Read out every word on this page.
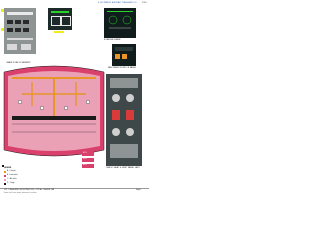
ILLUSTRATED AIRCRAFT DIAGRAMS (IL)	1/20
ECAM ENG PAGE
FAN SPEED MONITOR PANEL
CABIN ZONE SCHEMATIC
LEGEND
A - Cockpit
B - Fwd cabin
C - Aft cabin
D - Cargo
A1 B
A2 B
A3 B
CARGO HEAT & VENT PANEL (AFT)
FIG: 1 CABIN AIRFLOW DISTRIBUTION - TYPICAL - MEDIUM STAT
Some text here about document revision
Page 1
